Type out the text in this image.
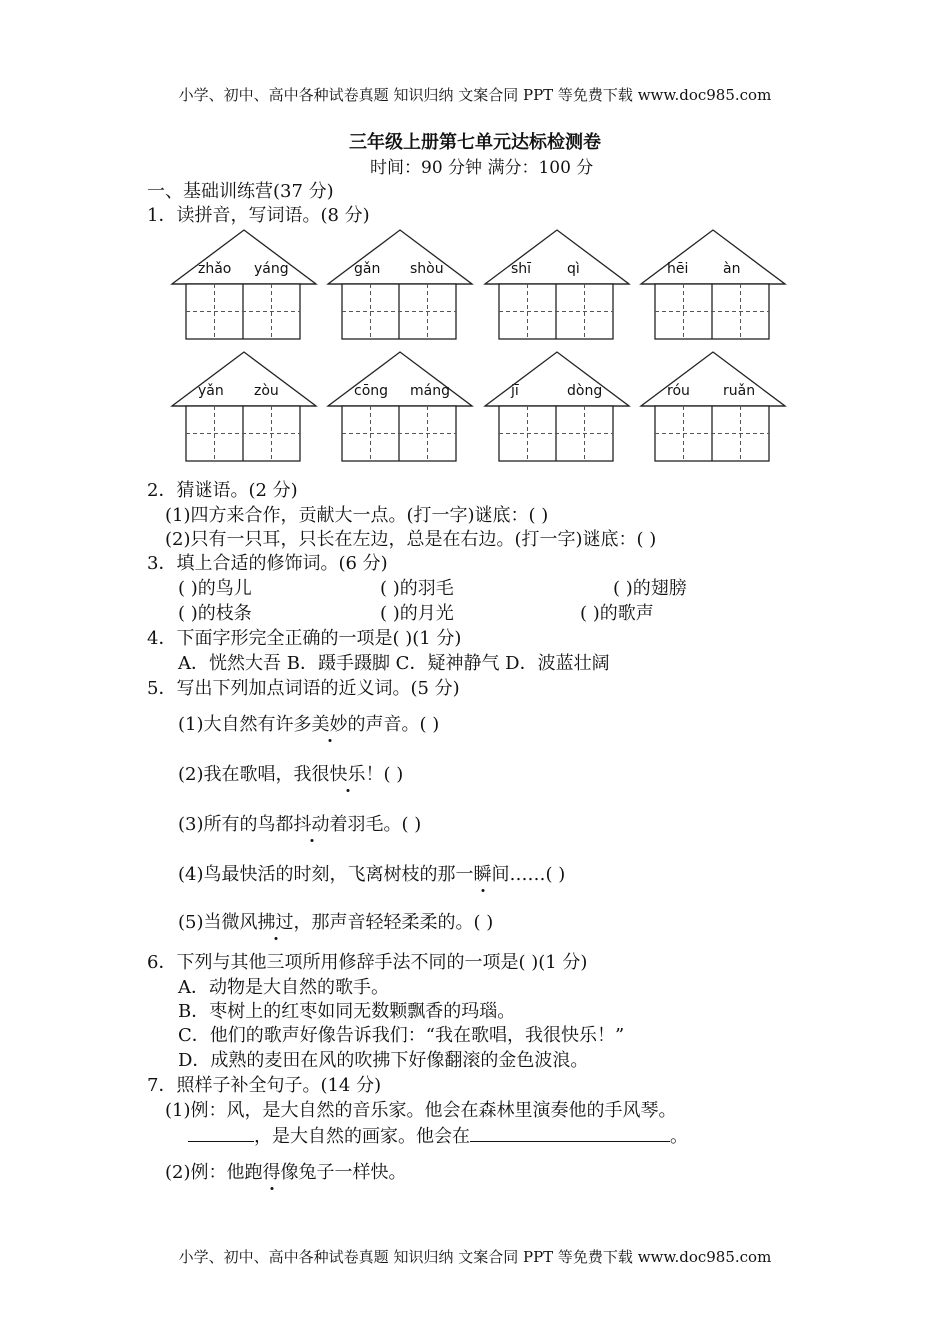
小学、初中、高中各种试卷真题 知识归纳 文案合同 PPT 等免费下载 www.doc985.com
三年级上册第七单元达标检测卷
时间：90 分钟 满分：100 分
一、基础训练营(37 分)
1．读拼音，写词语。(8 分)
zhǎo yáng	gǎn shòu	shī	qì	hēi àn
yǎn zòu	cōng máng	jī	dòng	róu ruǎn
2．猜谜语。(2 分)
(1)四方来合作，贡献大一点。(打一字)谜底：( )
(2)只有一只耳，只长在左边，总是在右边。(打一字)谜底：( )
3．填上合适的修饰词。(6 分)
( )的鸟儿	( )的羽毛	( )的翅膀
( )的枝条	( )的月光	( )的歌声
4．下面字形完全正确的一项是( )(1 分)
A．恍然大吾 B．蹑手蹑脚 C．疑神静气 D．波蓝壮阔
5．写出下列加点词语的近义词。(5 分)
(1)大自然有许多美妙的声音。( )
(2)我在歌唱，我很快乐！( )
(3)所有的鸟都抖动着羽毛。( )
(4)鸟最快活的时刻，飞离树枝的那一瞬间……( )
(5)当微风拂过，那声音轻轻柔柔的。( )
6．下列与其他三项所用修辞手法不同的一项是( )(1 分)
A．动物是大自然的歌手。
B．枣树上的红枣如同无数颗飘香的玛瑙。
C．他们的歌声好像告诉我们：“我在歌唱，我很快乐！”
D．成熟的麦田在风的吹拂下好像翻滚的金色波浪。
7．照样子补全句子。(14 分)
(1)例：风，是大自然的音乐家。他会在森林里演奏他的手风琴。
，是大自然的画家。他会在	。
(2)例：他跑得像兔子一样快。
小学、初中、高中各种试卷真题 知识归纳 文案合同 PPT 等免费下载 www.doc985.com
